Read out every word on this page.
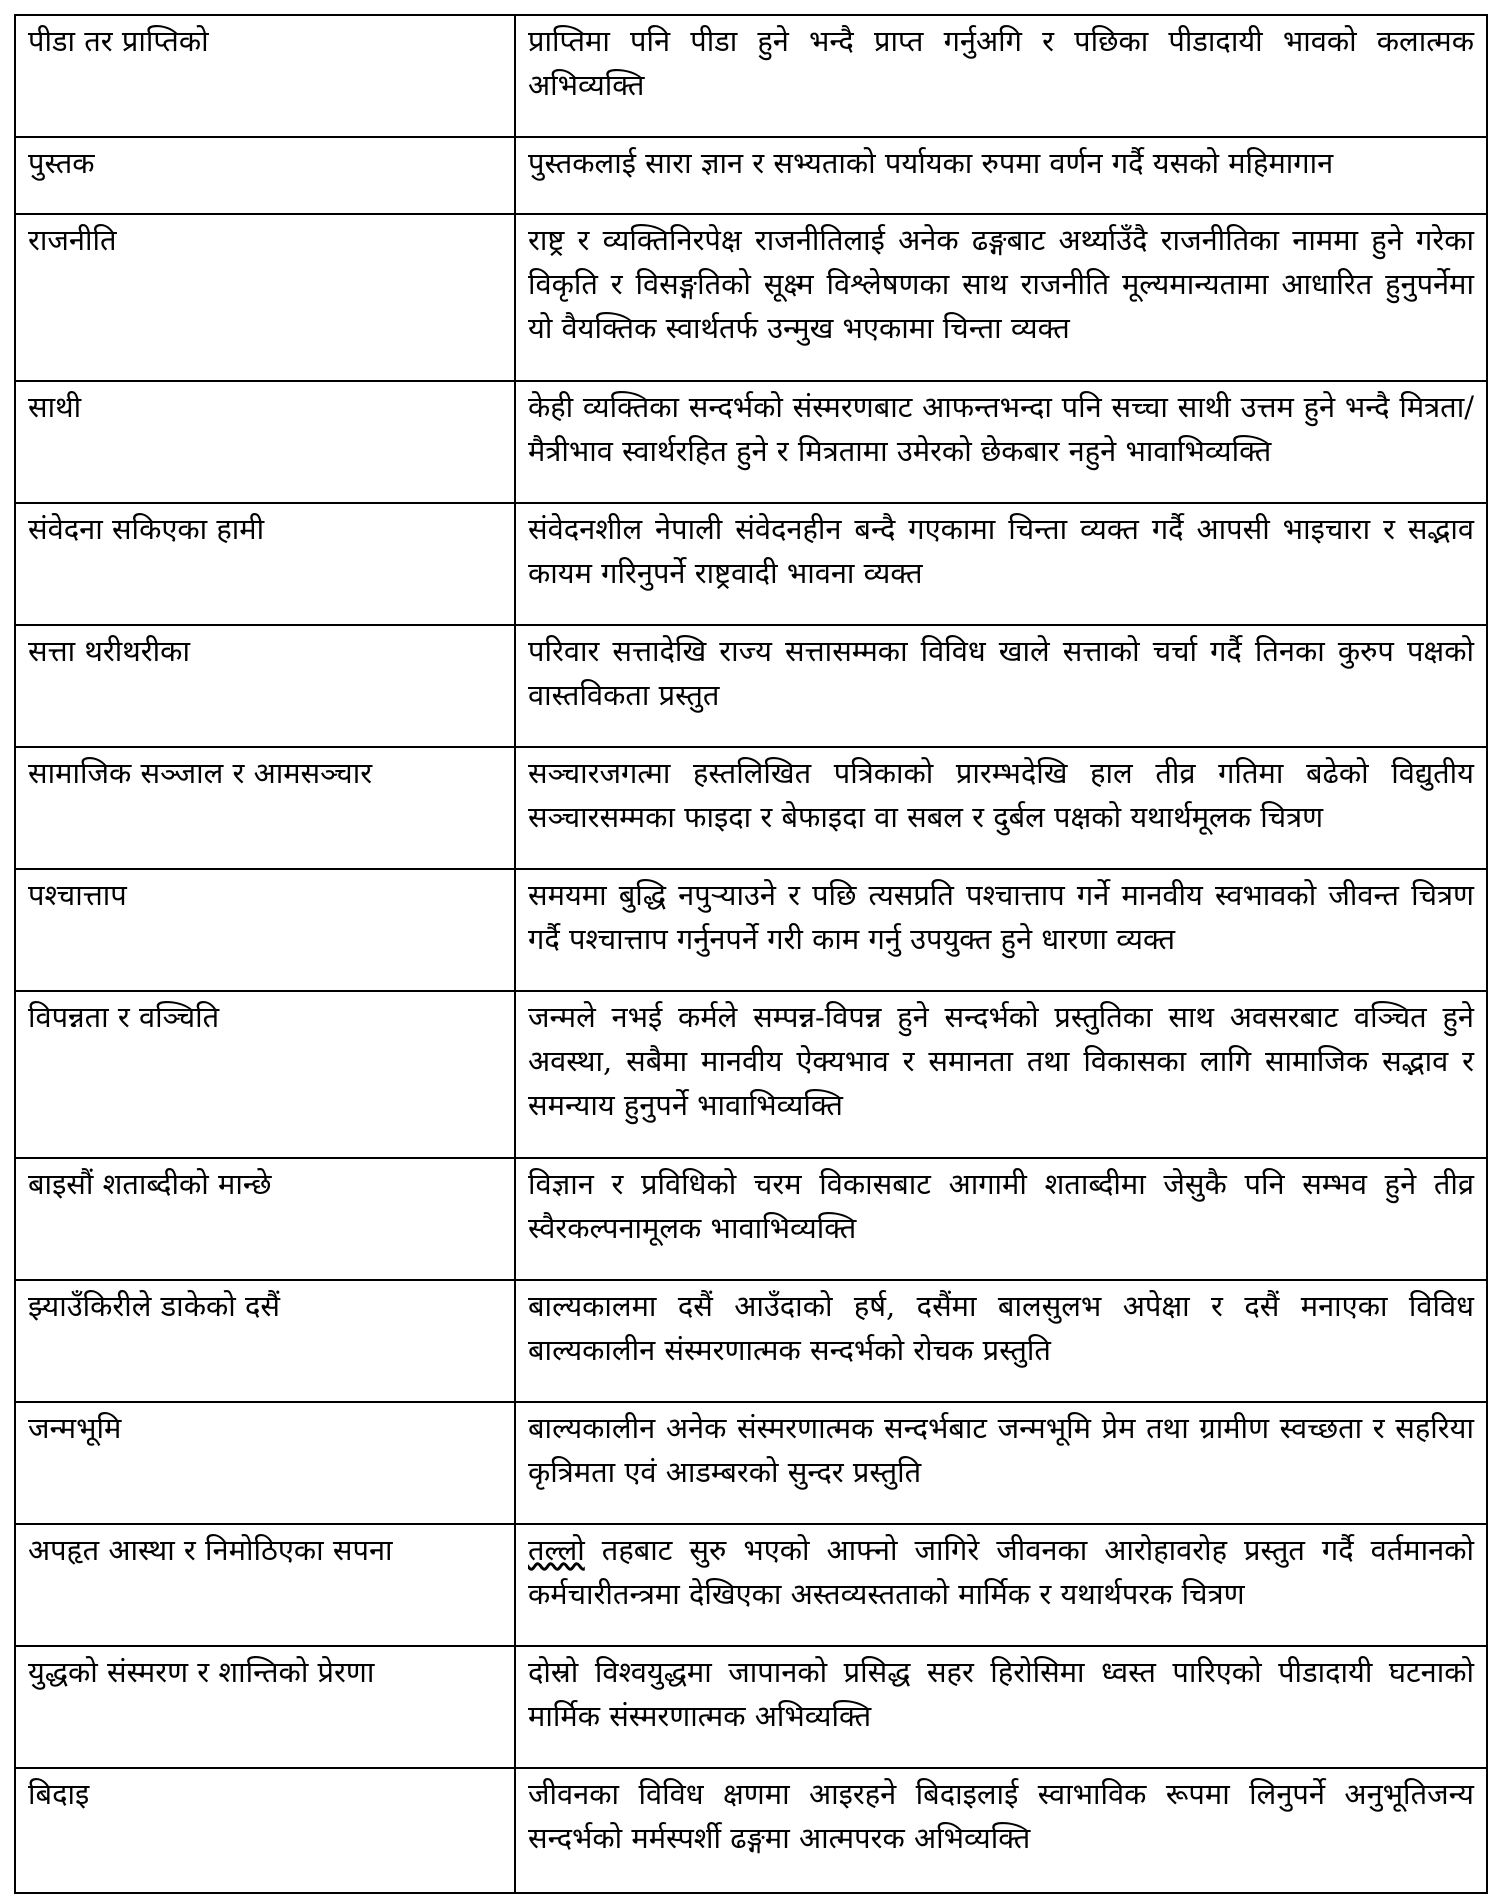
पीडा तर प्राप्तिको	प्राप्तिमा पनि पीडा हुने भन्दै प्राप्त गर्नुअगि र पछिका पीडादायी भावको कलात्मक अभिव्यक्ति
पुस्तक	पुस्तकलाई सारा ज्ञान र सभ्यताको पर्यायका रुपमा वर्णन गर्दै यसको महिमागान
राजनीति	राष्ट्र र व्यक्तिनिरपेक्ष राजनीतिलाई अनेक ढङ्गबाट अर्थ्याउँदै राजनीतिका नाममा हुने गरेका विकृति र विसङ्गतिको सूक्ष्म विश्लेषणका साथ राजनीति मूल्यमान्यतामा आधारित हुनुपर्नेमा यो वैयक्तिक स्वार्थतर्फ उन्मुख भएकामा चिन्ता व्यक्त
साथी	केही व्यक्तिका सन्दर्भको संस्मरणबाट आफन्तभन्दा पनि सच्चा साथी उत्तम हुने भन्दै मित्रता/मैत्रीभाव स्वार्थरहित हुने र मित्रतामा उमेरको छेकबार नहुने भावाभिव्यक्ति
संवेदना सकिएका हामी	संवेदनशील नेपाली संवेदनहीन बन्दै गएकामा चिन्ता व्यक्त गर्दै आपसी भाइचारा र सद्भाव कायम गरिनुपर्ने राष्ट्रवादी भावना व्यक्त
सत्ता थरीथरीका	परिवार सत्तादेखि राज्य सत्तासम्मका विविध खाले सत्ताको चर्चा गर्दै तिनका कुरुप पक्षको वास्तविकता प्रस्तुत
सामाजिक सञ्जाल र आमसञ्चार	सञ्चारजगत्मा हस्तलिखित पत्रिकाको प्रारम्भदेखि हाल तीव्र गतिमा बढेको विद्युतीय सञ्चारसम्मका फाइदा र बेफाइदा वा सबल र दुर्बल पक्षको यथार्थमूलक चित्रण
पश्चात्ताप	समयमा बुद्धि नपुऱ्याउने र पछि त्यसप्रति पश्चात्ताप गर्ने मानवीय स्वभावको जीवन्त चित्रण गर्दै पश्चात्ताप गर्नुनपर्ने गरी काम गर्नु उपयुक्त हुने धारणा व्यक्त
विपन्नता र वञ्चिति	जन्मले नभई कर्मले सम्पन्न-विपन्न हुने सन्दर्भको प्रस्तुतिका साथ अवसरबाट वञ्चित हुने अवस्था, सबैमा मानवीय ऐक्यभाव र समानता तथा विकासका लागि सामाजिक सद्भाव र समन्याय हुनुपर्ने भावाभिव्यक्ति
बाइसौं शताब्दीको मान्छे	विज्ञान र प्रविधिको चरम विकासबाट आगामी शताब्दीमा जेसुकै पनि सम्भव हुने तीव्र स्वैरकल्पनामूलक भावाभिव्यक्ति
झ्याउँकिरीले डाकेको दसैं	बाल्यकालमा दसैं आउँदाको हर्ष, दसैंमा बालसुलभ अपेक्षा र दसैं मनाएका विविध बाल्यकालीन संस्मरणात्मक सन्दर्भको रोचक प्रस्तुति
जन्मभूमि	बाल्यकालीन अनेक संस्मरणात्मक सन्दर्भबाट जन्मभूमि प्रेम तथा ग्रामीण स्वच्छता र सहरिया कृत्रिमता एवं आडम्बरको सुन्दर प्रस्तुति
अपहृत आस्था र निमोठिएका सपना	तल्लो तहबाट सुरु भएको आफ्नो जागिरे जीवनका आरोहावरोह प्रस्तुत गर्दै वर्तमानको कर्मचारीतन्त्रमा देखिएका अस्तव्यस्तताको मार्मिक र यथार्थपरक चित्रण
युद्धको संस्मरण र शान्तिको प्रेरणा	दोस्रो विश्वयुद्धमा जापानको प्रसिद्ध सहर हिरोसिमा ध्वस्त पारिएको पीडादायी घटनाको मार्मिक संस्मरणात्मक अभिव्यक्ति
बिदाइ	जीवनका विविध क्षणमा आइरहने बिदाइलाई स्वाभाविक रूपमा लिनुपर्ने अनुभूतिजन्य सन्दर्भको मर्मस्पर्शी ढङ्गमा आत्मपरक अभिव्यक्ति
